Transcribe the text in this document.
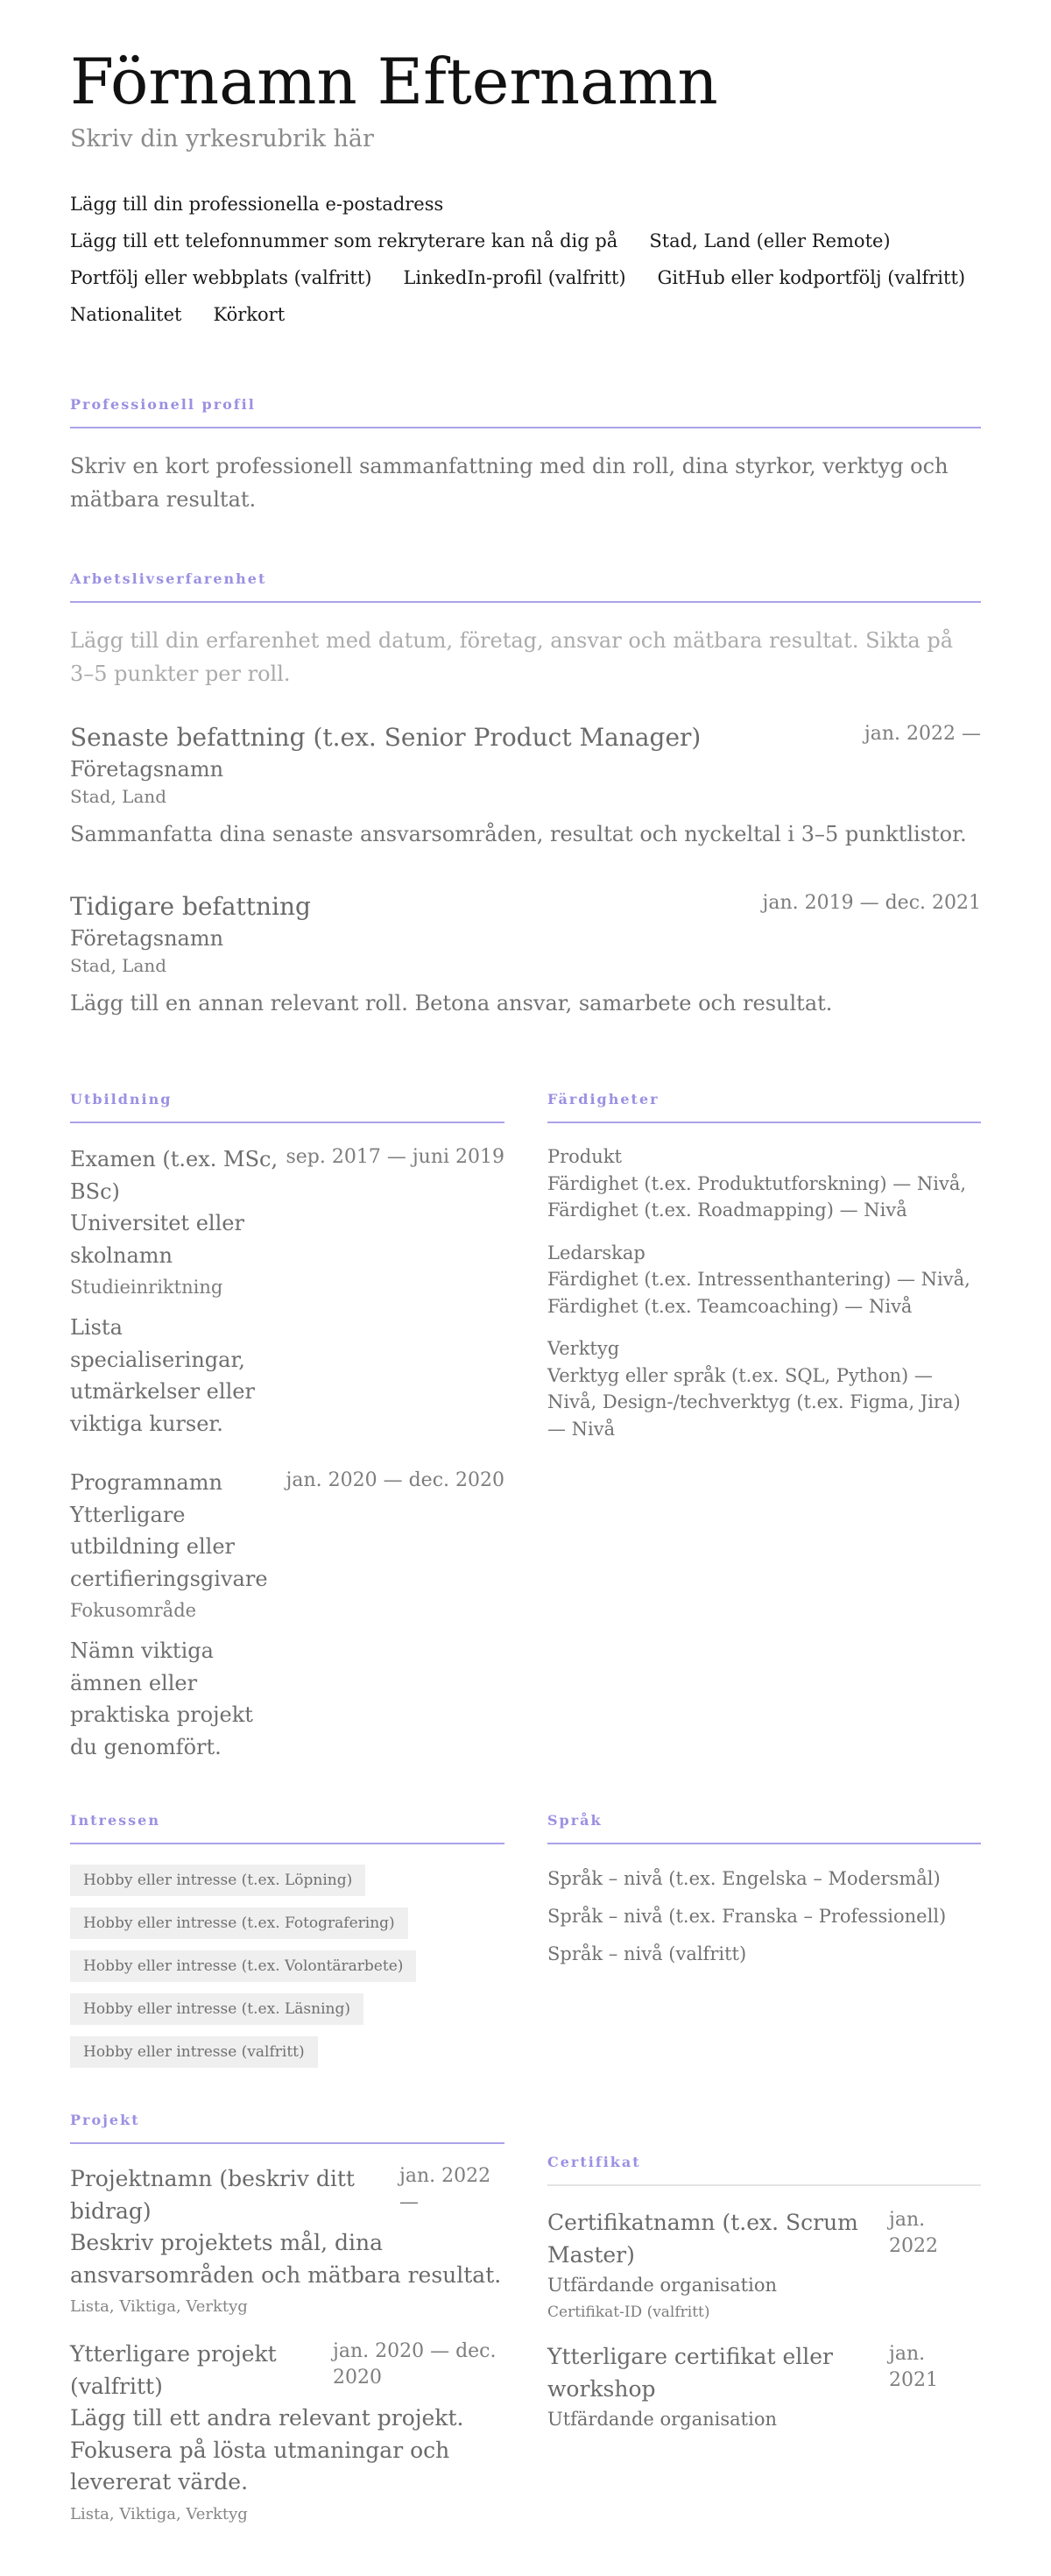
Förnamn Efternamn
Skriv din yrkesrubrik här
Lägg till din professionella e-postadress
Lägg till ett telefonnummer som rekryterare kan nå dig på Stad, Land (eller Remote)
Portfölj eller webbplats (valfritt) LinkedIn-profil (valfritt) GitHub eller kodportfölj (valfritt)
Nationalitet Körkort
Professionell profil
Skriv en kort professionell sammanfattning med din roll, dina styrkor, verktyg och mätbara resultat.
Arbetslivserfarenhet
Lägg till din erfarenhet med datum, företag, ansvar och mätbara resultat. Sikta på 3–5 punkter per roll.
Senaste befattning (t.ex. Senior Product Manager)	jan. 2022 —
Företagsnamn
Stad, Land
Sammanfatta dina senaste ansvarsområden, resultat och nyckeltal i 3–5 punktlistor.
Tidigare befattning	jan. 2019 — dec. 2021
Företagsnamn
Stad, Land
Lägg till en annan relevant roll. Betona ansvar, samarbete och resultat.
Utbildning
Examen (t.ex. MSc, BSc)
Universitet eller skolnamn
Studieinriktning
Lista specialiseringar, utmärkelser eller viktiga kurser.
sep. 2017 — juni 2019
Programnamn
Ytterligare utbildning eller certifieringsgivare
Fokusområde
Nämn viktiga ämnen eller praktiska projekt du genomfört.
jan. 2020 — dec. 2020
Färdigheter
Produkt
Färdighet (t.ex. Produktutforskning) — Nivå, Färdighet (t.ex. Roadmapping) — Nivå
Ledarskap
Färdighet (t.ex. Intressenthantering) — Nivå, Färdighet (t.ex. Teamcoaching) — Nivå
Verktyg
Verktyg eller språk (t.ex. SQL, Python) — Nivå, Design-/techverktyg (t.ex. Figma, Jira) — Nivå
Intressen
Hobby eller intresse (t.ex. Löpning)
Hobby eller intresse (t.ex. Fotografering)
Hobby eller intresse (t.ex. Volontärarbete)
Hobby eller intresse (t.ex. Läsning)
Hobby eller intresse (valfritt)
Språk
Språk – nivå (t.ex. Engelska – Modersmål)
Språk – nivå (t.ex. Franska – Professionell)
Språk – nivå (valfritt)
Projekt
Projektnamn (beskriv ditt bidrag)
jan. 2022 —
Beskriv projektets mål, dina ansvarsområden och mätbara resultat.
Lista, Viktiga, Verktyg
Ytterligare projekt (valfritt)
jan. 2020 — dec. 2020
Lägg till ett andra relevant projekt. Fokusera på lösta utmaningar och levererat värde.
Lista, Viktiga, Verktyg
Certifikat
Certifikatnamn (t.ex. Scrum Master)
jan. 2022
Utfärdande organisation
Certifikat-ID (valfritt)
Ytterligare certifikat eller workshop
jan. 2021
Utfärdande organisation
